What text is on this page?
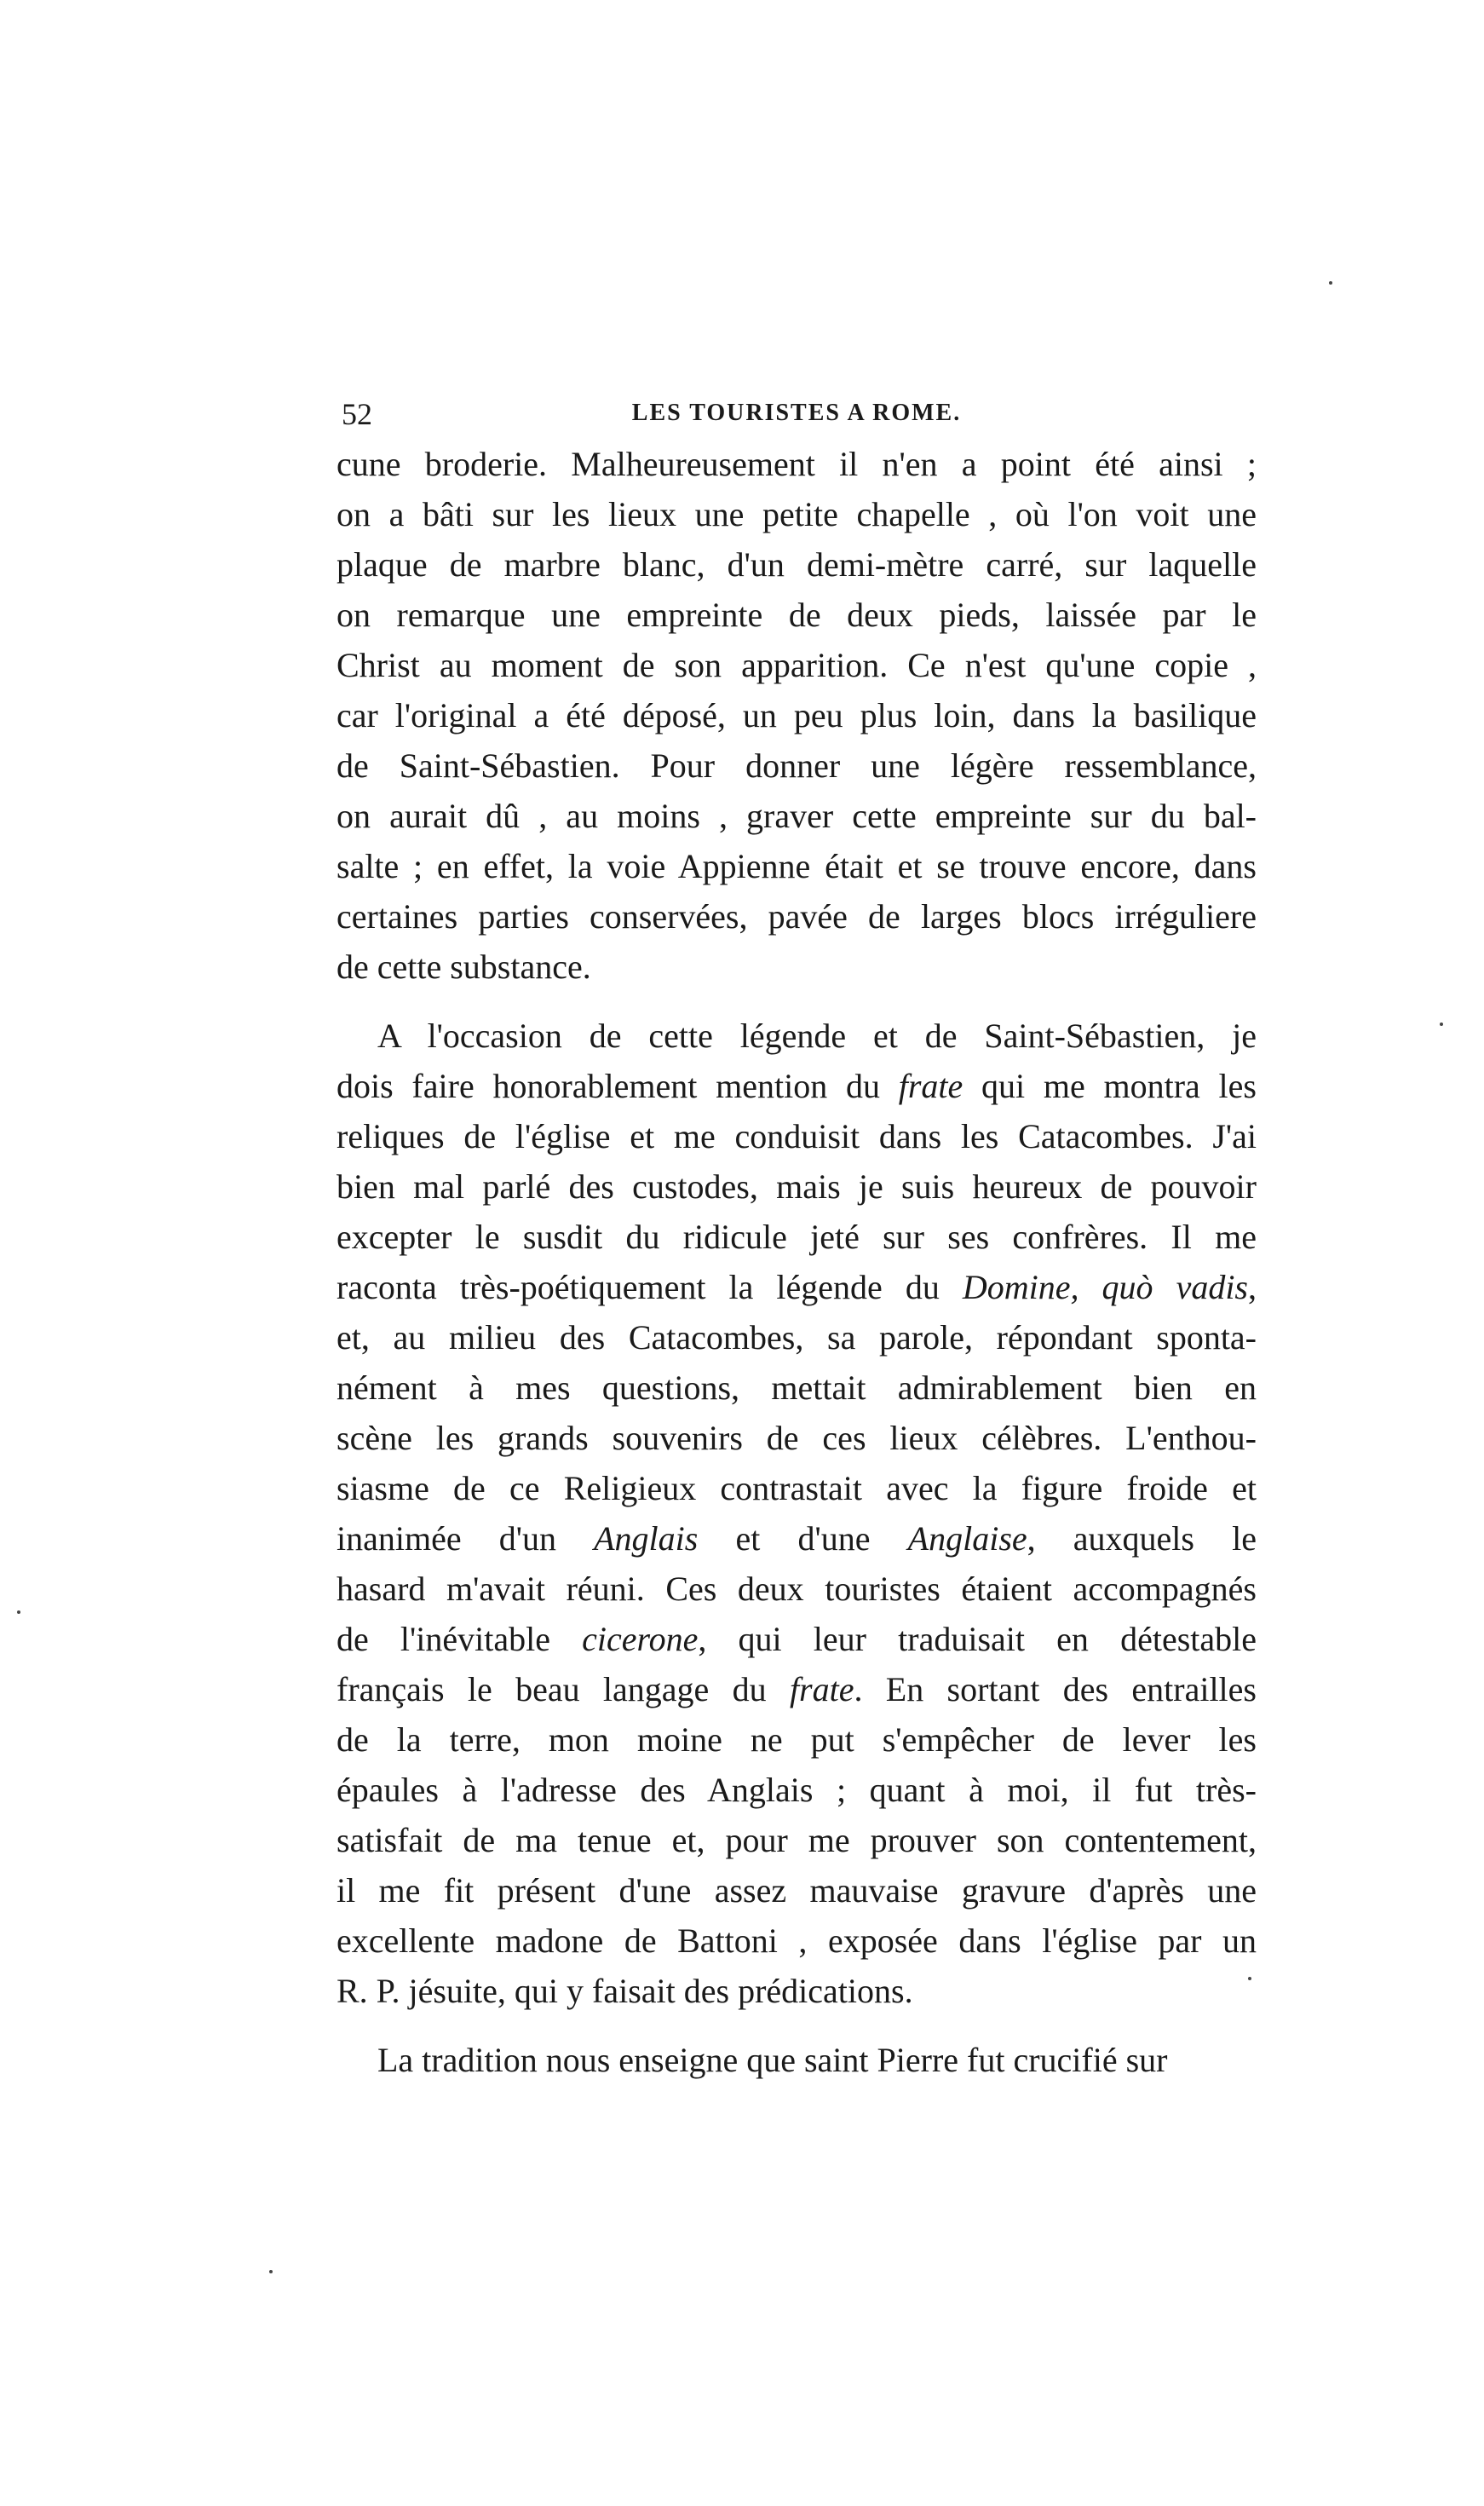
52	LES TOURISTES A ROME.
cune broderie. Malheureusement il n'en a point été ainsi ;
on a bâti sur les lieux une petite chapelle , où l'on voit une
plaque de marbre blanc, d'un demi-mètre carré, sur laquelle
on remarque une empreinte de deux pieds, laissée par le
Christ au moment de son apparition. Ce n'est qu'une copie ,
car l'original a été déposé, un peu plus loin, dans la basilique
de Saint-Sébastien. Pour donner une légère ressemblance,
on aurait dû , au moins , graver cette empreinte sur du bal-
salte ; en effet, la voie Appienne était et se trouve encore, dans
certaines parties conservées, pavée de larges blocs irréguliere
de cette substance.
A l'occasion de cette légende et de Saint-Sébastien, je
dois faire honorablement mention du frate qui me montra les
reliques de l'église et me conduisit dans les Catacombes. J'ai
bien mal parlé des custodes, mais je suis heureux de pouvoir
excepter le susdit du ridicule jeté sur ses confrères. Il me
raconta très-poétiquement la légende du Domine, quò vadis,
et, au milieu des Catacombes, sa parole, répondant sponta-
nément à mes questions, mettait admirablement bien en
scène les grands souvenirs de ces lieux célèbres. L'enthou-
siasme de ce Religieux contrastait avec la figure froide et
inanimée d'un Anglais et d'une Anglaise, auxquels le
hasard m'avait réuni. Ces deux touristes étaient accompagnés
de l'inévitable cicerone, qui leur traduisait en détestable
français le beau langage du frate. En sortant des entrailles
de la terre, mon moine ne put s'empêcher de lever les
épaules à l'adresse des Anglais ; quant à moi, il fut très-
satisfait de ma tenue et, pour me prouver son contentement,
il me fit présent d'une assez mauvaise gravure d'après une
excellente madone de Battoni , exposée dans l'église par un
R. P. jésuite, qui y faisait des prédications.
La tradition nous enseigne que saint Pierre fut crucifié sur
